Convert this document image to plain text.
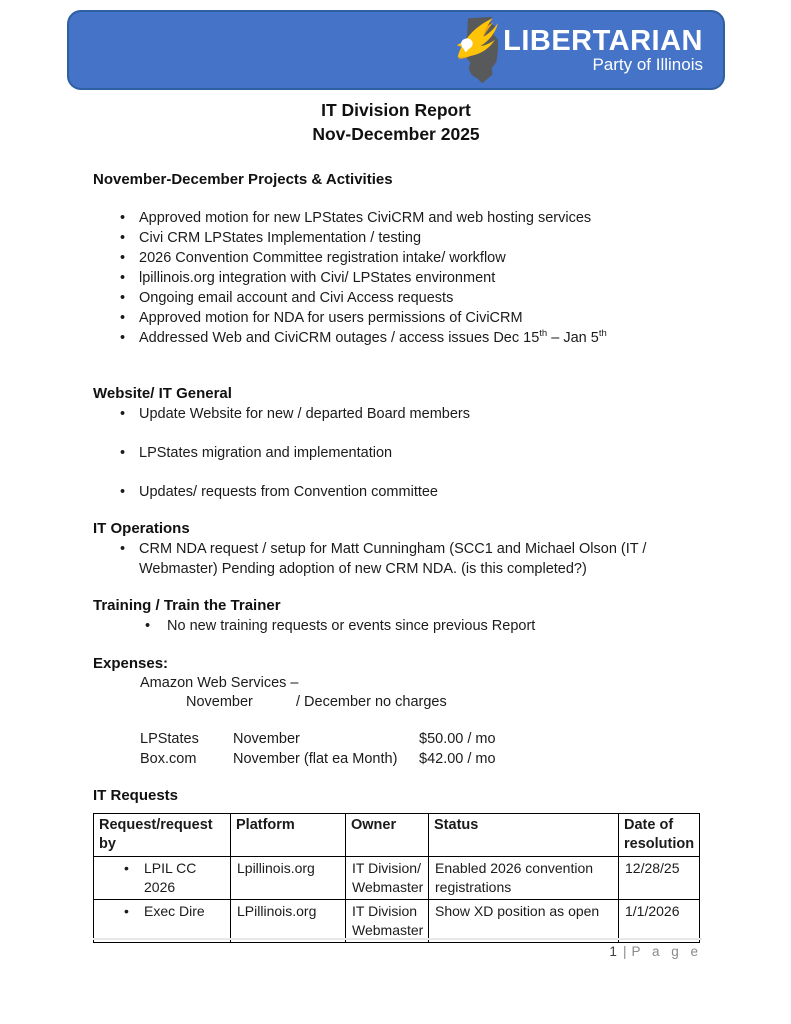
LIBERTARIAN
Party of Illinois
IT Division Report
Nov-December 2025
November-December Projects & Activities
• Approved motion for new LPStates CiviCRM and web hosting services
• Civi CRM LPStates Implementation / testing
• 2026 Convention Committee registration intake/ workflow
• lpillinois.org integration with Civi/ LPStates environment
• Ongoing email account and Civi Access requests
• Approved motion for NDA for users permissions of CiviCRM
• Addressed Web and CiviCRM outages / access issues Dec 15th – Jan 5th
Website/ IT General
• Update Website for new / departed Board members
• LPStates migration and implementation
• Updates/ requests from Convention committee
IT Operations
• CRM NDA request / setup for Matt Cunningham (SCC1 and Michael Olson (IT / Webmaster) Pending adoption of new CRM NDA. (is this completed?)
Training / Train the Trainer
• No new training requests or events since previous Report
Expenses:
Amazon Web Services –
November	/ December no charges
LPStates	November	$50.00 / mo
Box.com	November (flat ea Month)	$42.00 / mo
IT Requests
Request/request by	Platform	Owner	Status	Date of resolution

• LPIL CC 2026	Lpillinois.org	IT Division/ Webmaster	Enabled 2026 convention registrations	12/28/25

• Exec Dire	LPillinois.org	IT Division Webmaster	Show XD position as open	1/1/2026
1 | P a g e
